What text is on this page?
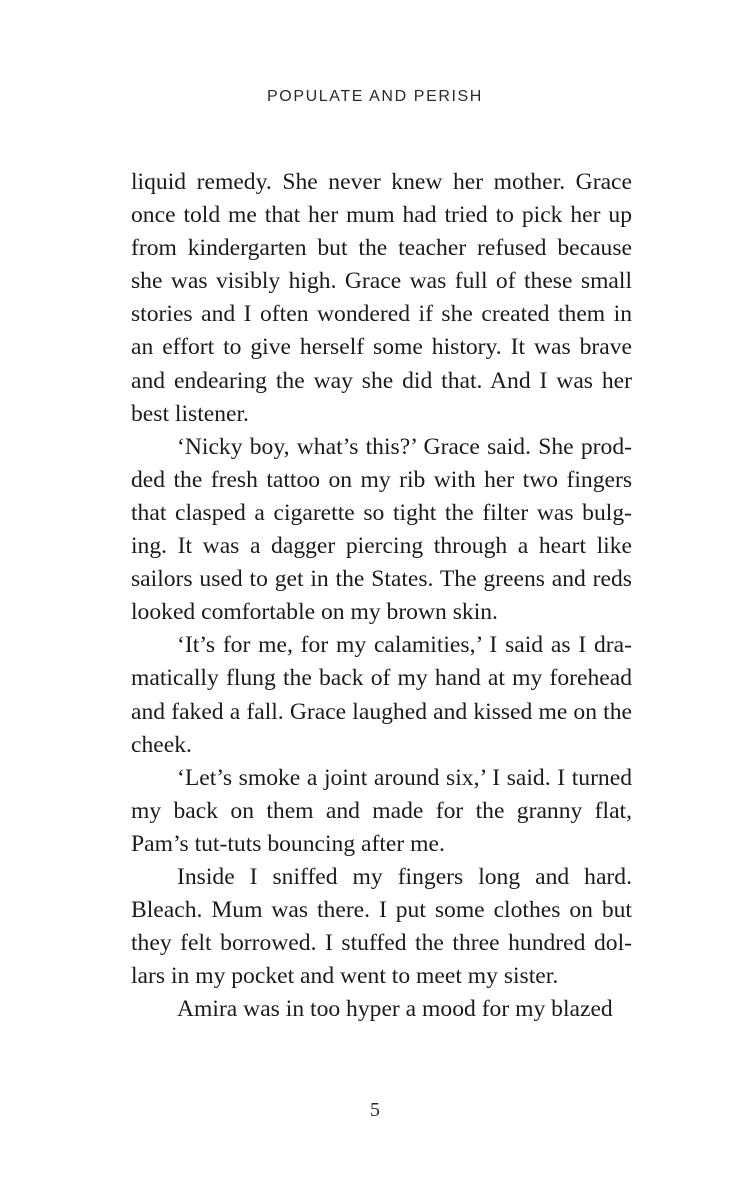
POPULATE AND PERISH

liquid remedy. She never knew her mother. Grace once told me that her mum had tried to pick her up from kindergarten but the teacher refused because she was visibly high. Grace was full of these small stories and I often wondered if she created them in an effort to give herself some history. It was brave and endearing the way she did that. And I was her best listener.

‘Nicky boy, what’s this?’ Grace said. She prodded the fresh tattoo on my rib with her two fingers that clasped a cigarette so tight the filter was bulging. It was a dagger piercing through a heart like sailors used to get in the States. The greens and reds looked comfortable on my brown skin.

‘It’s for me, for my calamities,’ I said as I dramatically flung the back of my hand at my forehead and faked a fall. Grace laughed and kissed me on the cheek.

‘Let’s smoke a joint around six,’ I said. I turned my back on them and made for the granny flat, Pam’s tut-tuts bouncing after me.

Inside I sniffed my fingers long and hard. Bleach. Mum was there. I put some clothes on but they felt borrowed. I stuffed the three hundred dollars in my pocket and went to meet my sister.

Amira was in too hyper a mood for my blazed

5
